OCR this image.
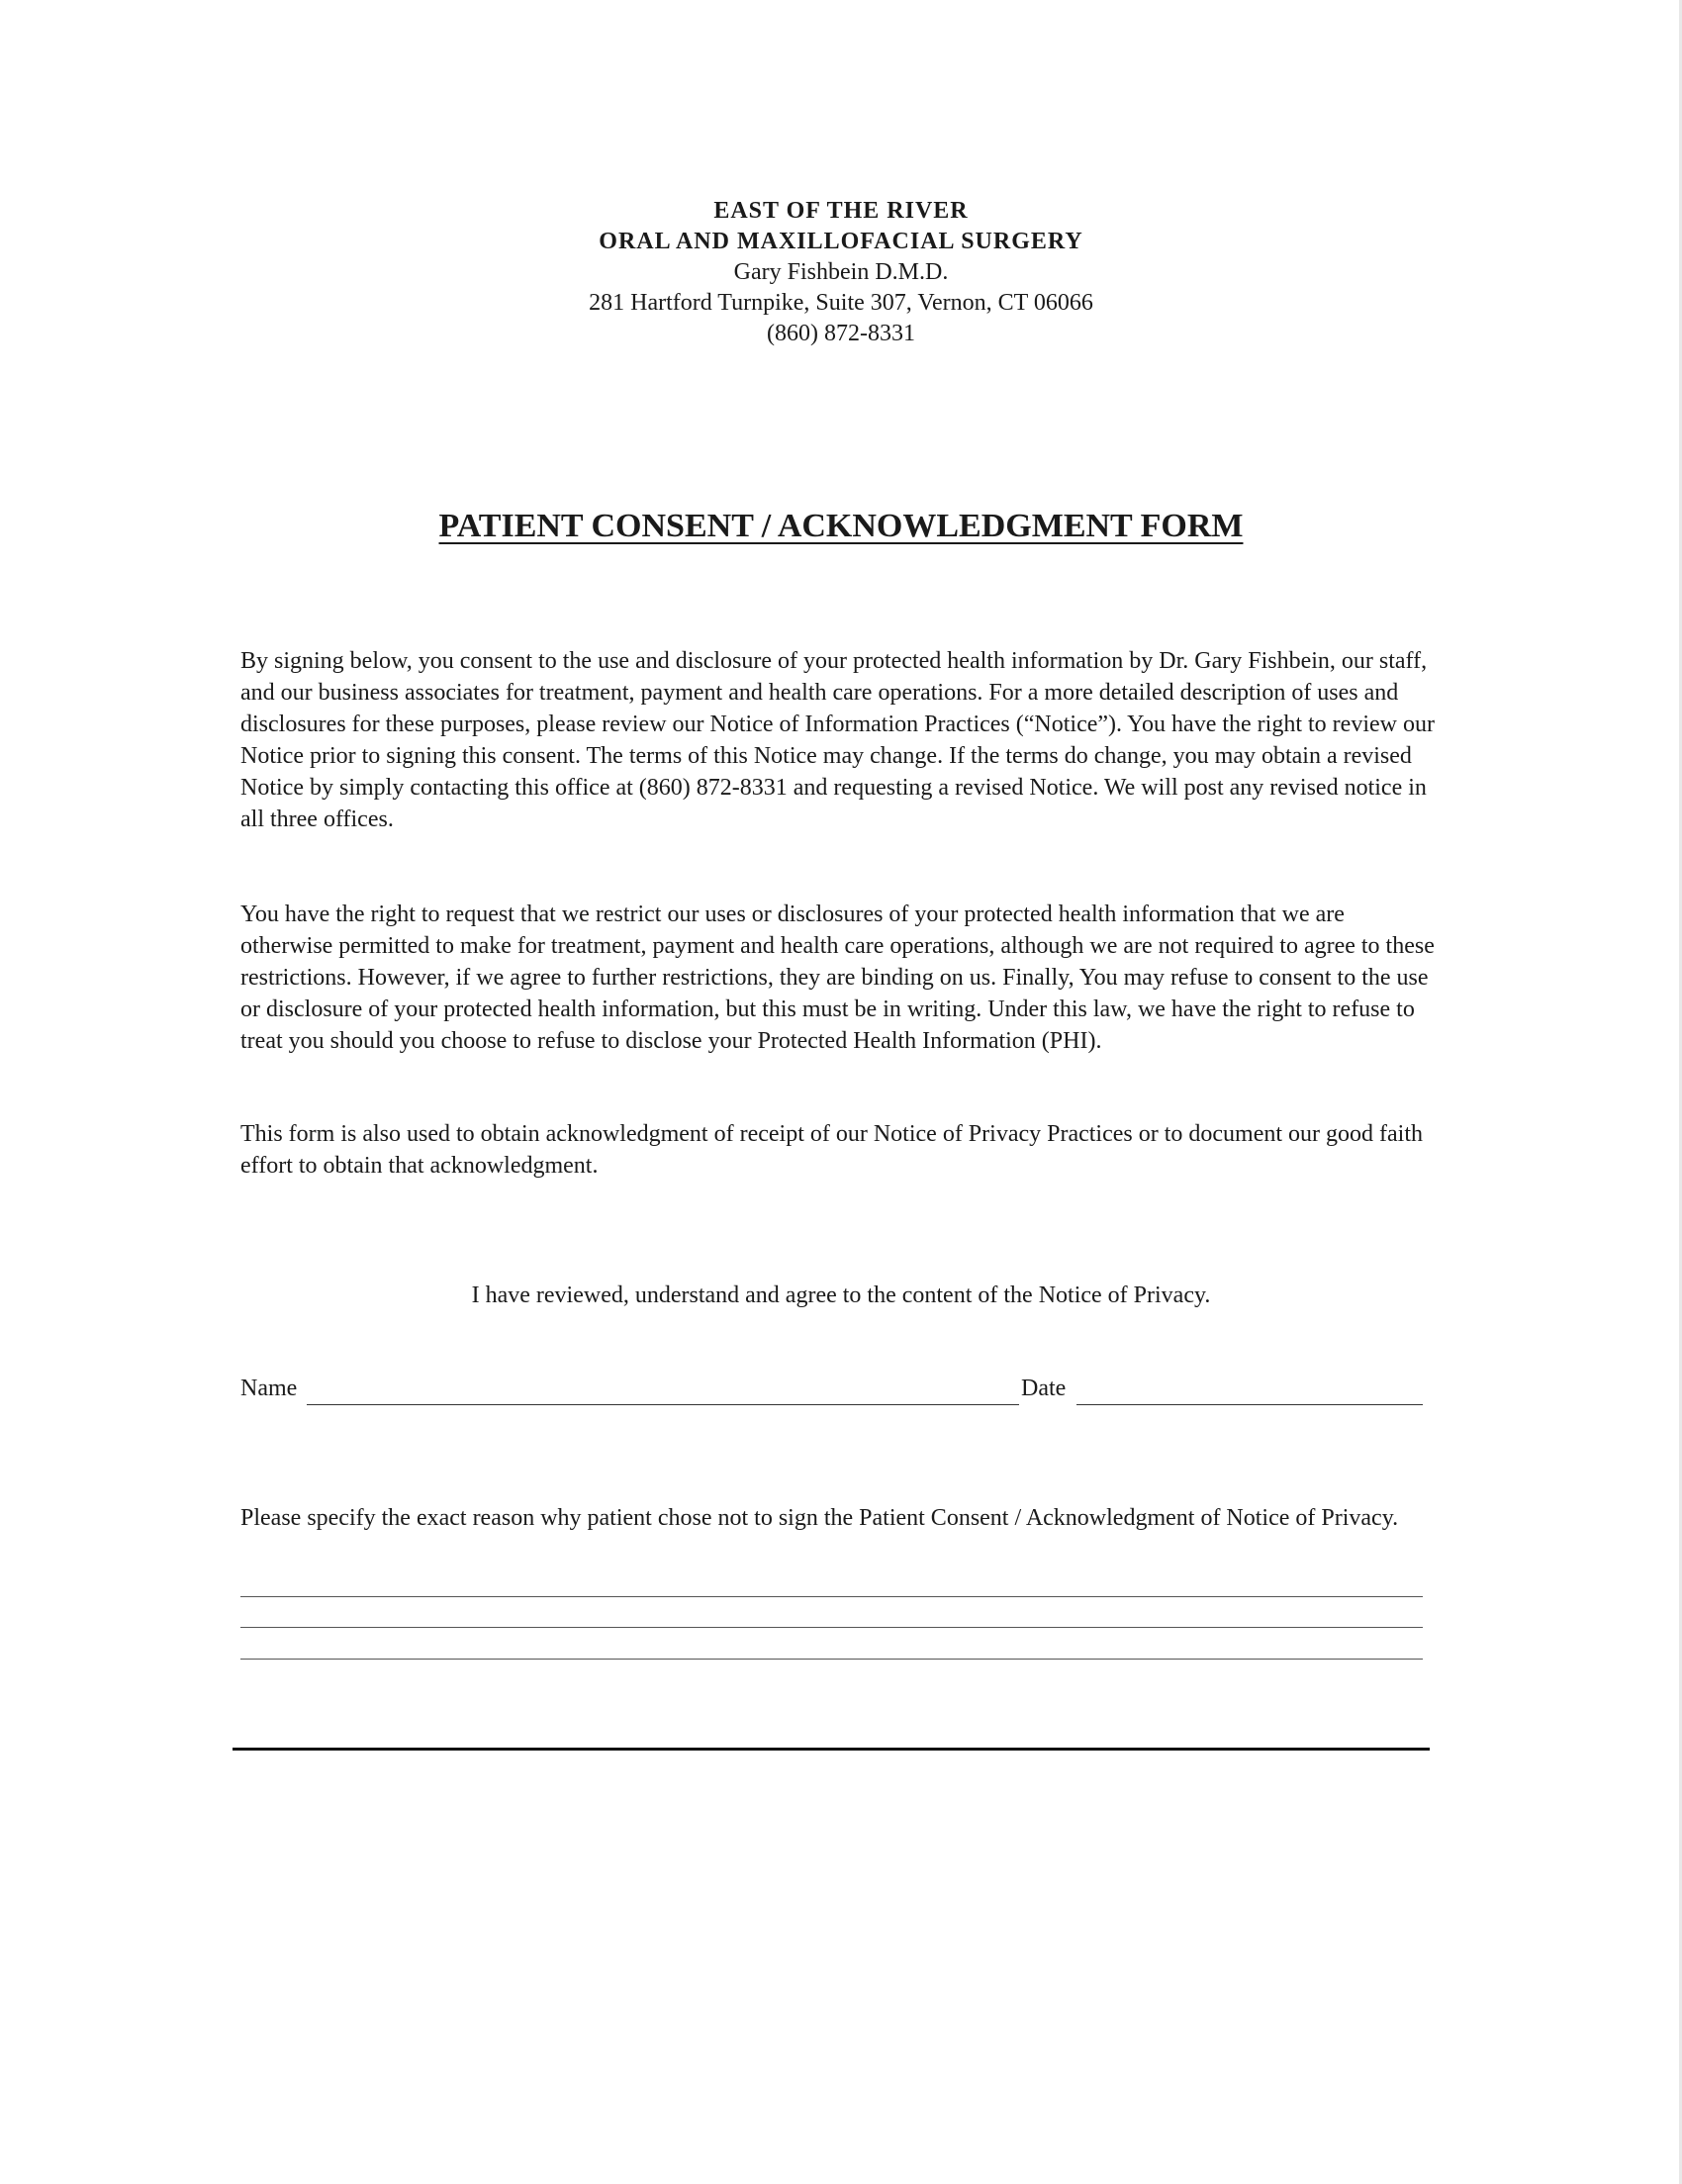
EAST OF THE RIVER
ORAL AND MAXILLOFACIAL SURGERY
Gary Fishbein D.M.D.
281 Hartford Turnpike, Suite 307, Vernon, CT 06066
(860) 872-8331
PATIENT CONSENT / ACKNOWLEDGMENT FORM
By signing below, you consent to the use and disclosure of your protected health information by Dr. Gary Fishbein, our staff, and our business associates for treatment, payment and health care operations. For a more detailed description of uses and disclosures for these purposes, please review our Notice of Information Practices (“Notice”). You have the right to review our Notice prior to signing this consent. The terms of this Notice may change. If the terms do change, you may obtain a revised Notice by simply contacting this office at (860) 872-8331 and requesting a revised Notice. We will post any revised notice in all three offices.
You have the right to request that we restrict our uses or disclosures of your protected health information that we are otherwise permitted to make for treatment, payment and health care operations, although we are not required to agree to these restrictions. However, if we agree to further restrictions, they are binding on us. Finally, You may refuse to consent to the use or disclosure of your protected health information, but this must be in writing. Under this law, we have the right to refuse to treat you should you choose to refuse to disclose your Protected Health Information (PHI).
This form is also used to obtain acknowledgment of receipt of our Notice of Privacy Practices or to document our good faith effort to obtain that acknowledgment.
I have reviewed, understand and agree to the content of the Notice of Privacy.
Name	Date
Please specify the exact reason why patient chose not to sign the Patient Consent / Acknowledgment of Notice of Privacy.
